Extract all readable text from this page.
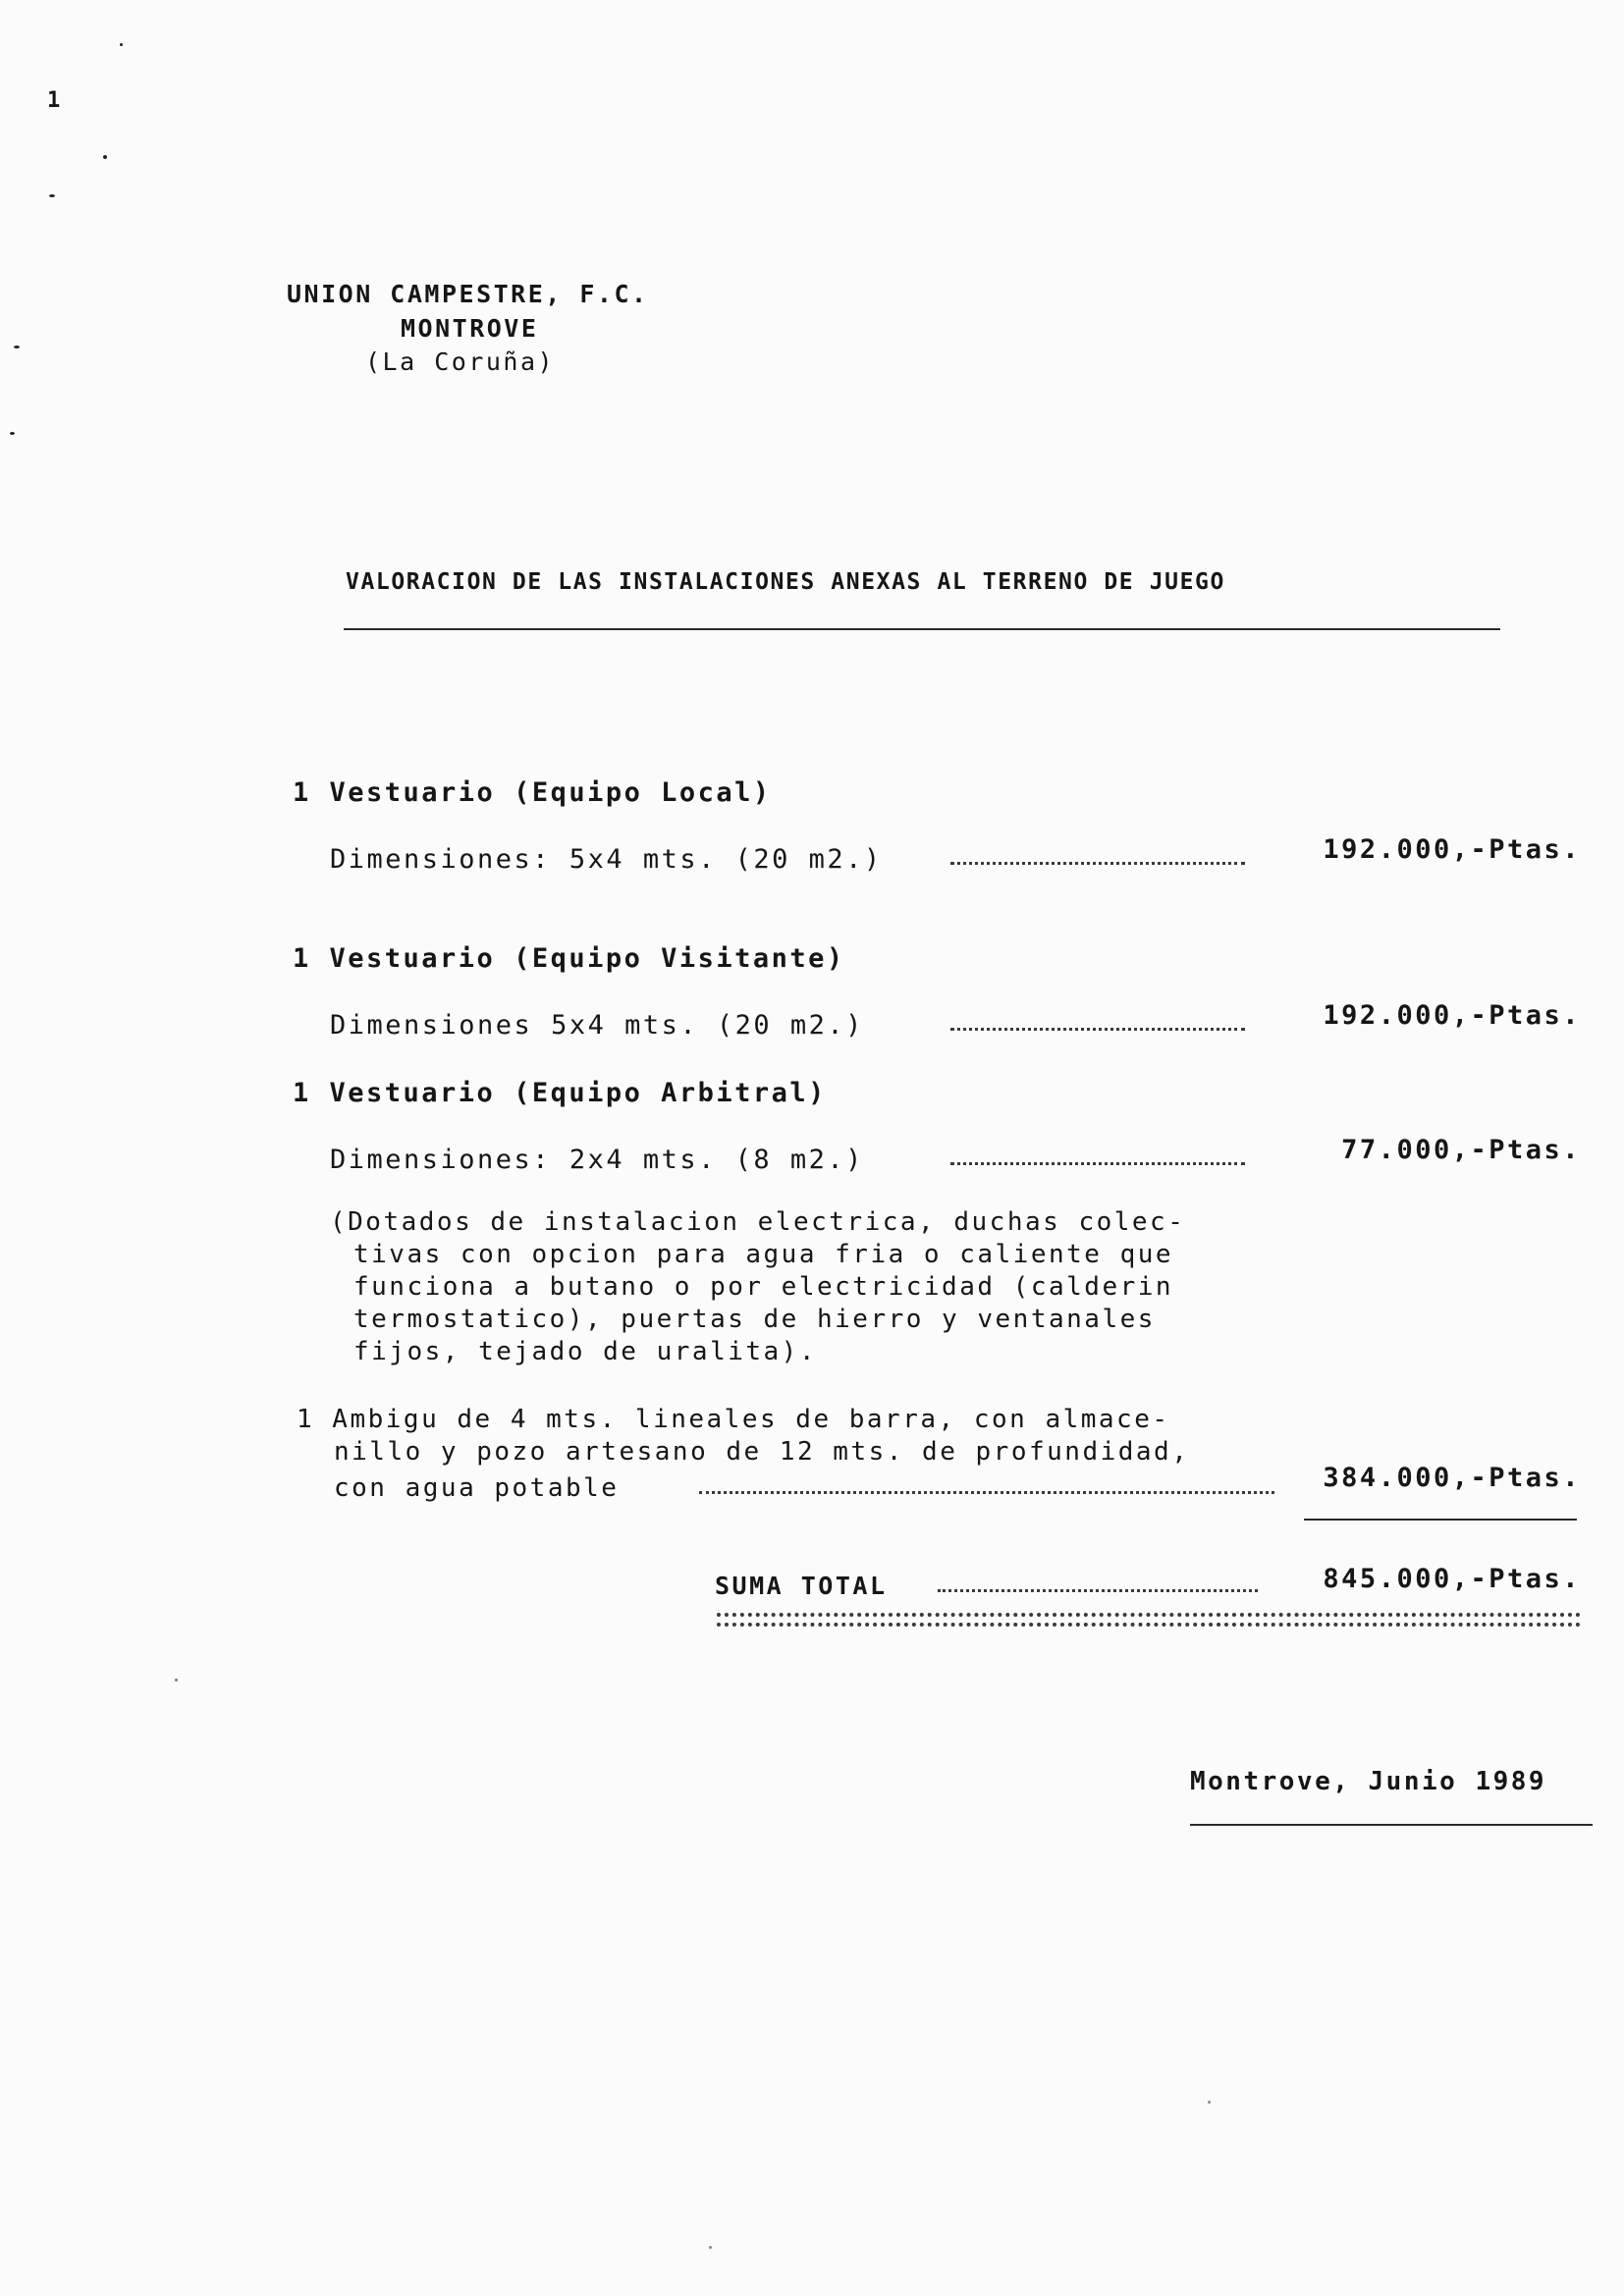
1
UNION CAMPESTRE, F.C.
MONTROVE
(La Coruña)
VALORACION DE LAS INSTALACIONES ANEXAS AL TERRENO DE JUEGO
1 Vestuario (Equipo Local)
Dimensiones: 5x4 mts. (20 m2.)	192.000,-Ptas.
1 Vestuario (Equipo Visitante)
Dimensiones 5x4 mts. (20 m2.)	192.000,-Ptas.
1 Vestuario (Equipo Arbitral)
Dimensiones: 2x4 mts. (8 m2.)	77.000,-Ptas.
(Dotados de instalacion electrica, duchas colec-
tivas con opcion para agua fria o caliente que
funciona a butano o por electricidad (calderin
termostatico), puertas de hierro y ventanales
fijos, tejado de uralita).
1 Ambigu de 4 mts. lineales de barra, con almace-
nillo y pozo artesano de 12 mts. de profundidad,
con agua potable	384.000,-Ptas.
SUMA TOTAL	845.000,-Ptas.
Montrove, Junio 1989
